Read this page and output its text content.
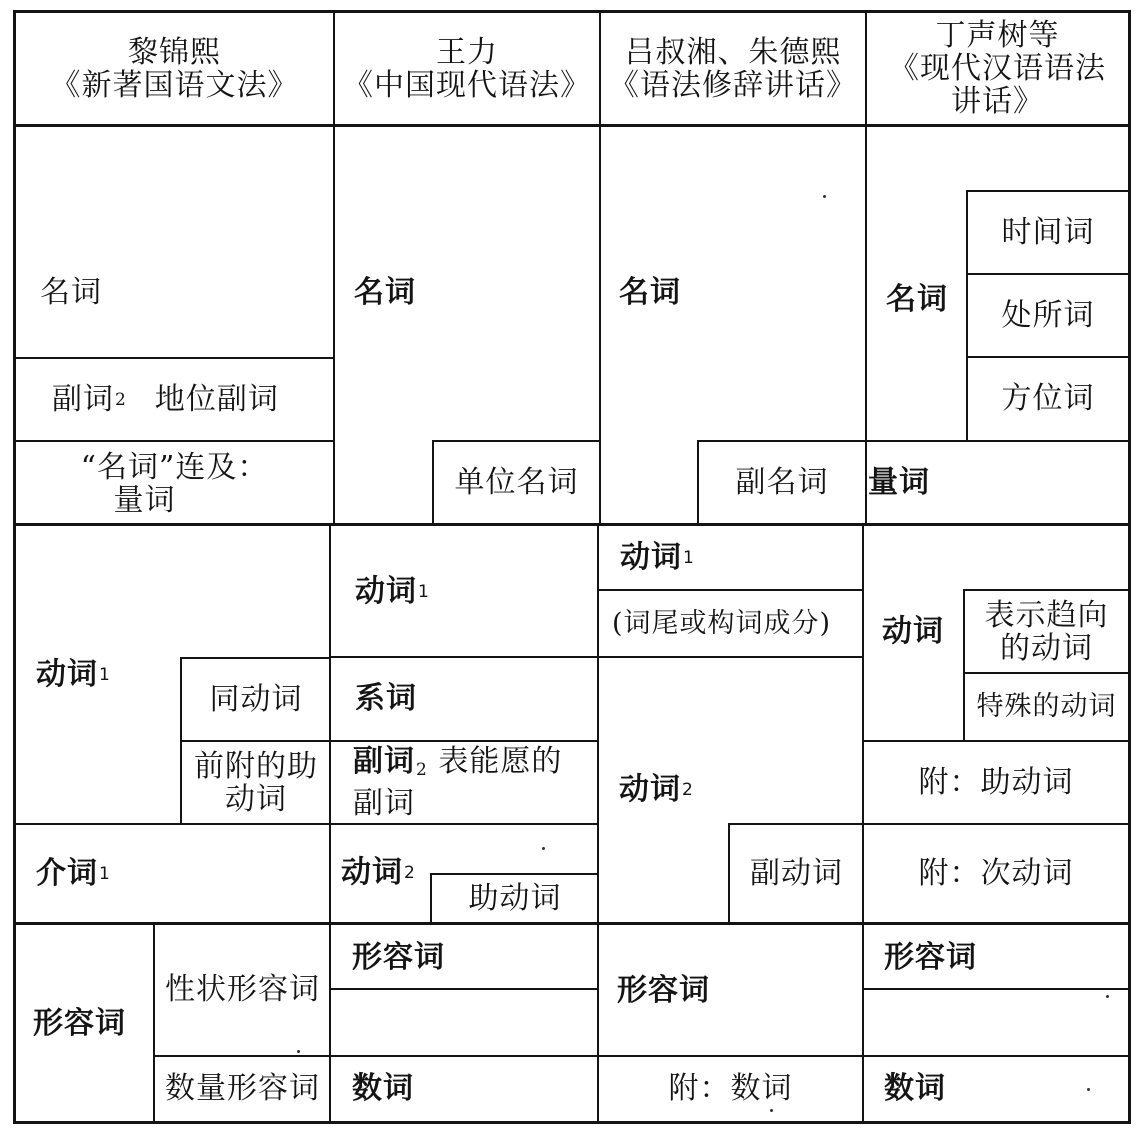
黎锦熙
《新著国语文法》
王力
《中国现代语法》
吕叔湘、朱德熙
《语法修辞讲话》
丁声树等
《现代汉语语法
讲话》
名词
副词 2 地位副词
“名词”连及：
量词
动词 1
同动词
前附的助
动词
介词 1
形容词
性状形容词
数量形容词
名词
单位名词
动词 1
系词
副词$_2$ 表能愿的
副词
动词 2
助动词
形容词
数词
名词
副名词
动词 1
(词尾或构词成分)
动词 2
副动词
形容词
附：数词
名词
时间词
处所词
方位词
量词
动词 表示趋向
的动词
特殊的动词
附：助动词
附：次动词
形容词
数词
